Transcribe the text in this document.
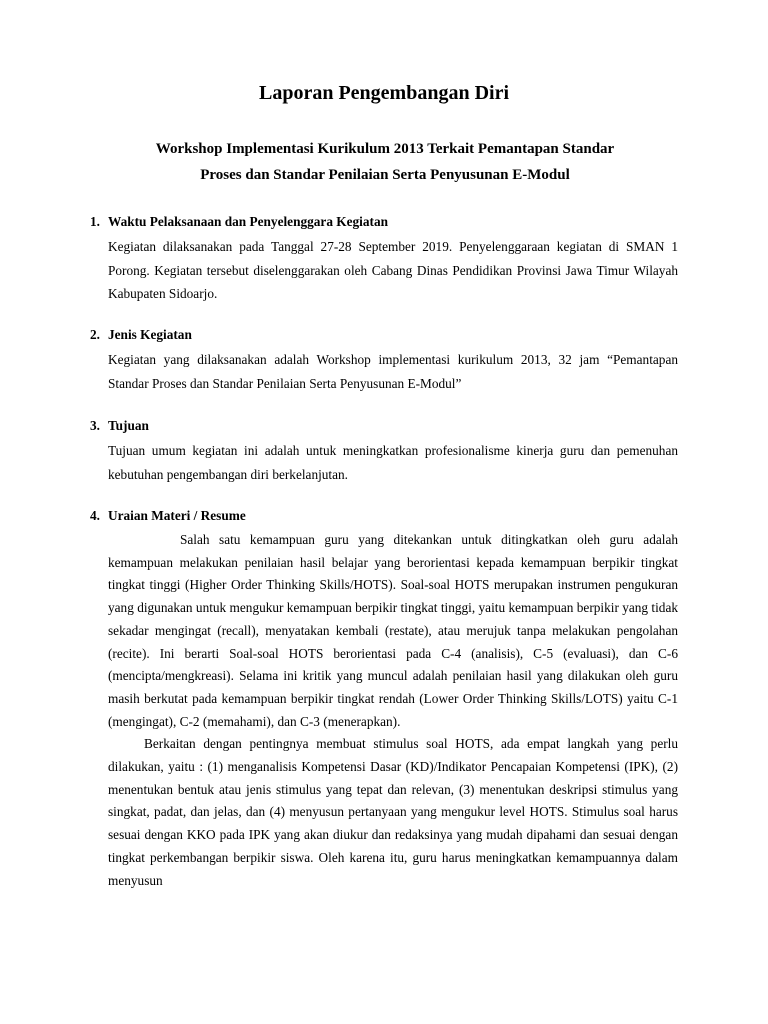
Laporan Pengembangan Diri
Workshop Implementasi Kurikulum 2013 Terkait Pemantapan Standar
Proses dan Standar Penilaian Serta Penyusunan E-Modul
1. Waktu Pelaksanaan dan Penyelenggara Kegiatan

Kegiatan dilaksanakan pada Tanggal 27-28 September 2019. Penyelenggaraan kegiatan di SMAN 1 Porong. Kegiatan tersebut diselenggarakan oleh Cabang Dinas Pendidikan Provinsi Jawa Timur Wilayah Kabupaten Sidoarjo.

2. Jenis Kegiatan

Kegiatan yang dilaksanakan adalah Workshop implementasi kurikulum 2013, 32 jam “Pemantapan Standar Proses dan Standar Penilaian Serta Penyusunan E-Modul”

3. Tujuan

Tujuan umum kegiatan ini adalah untuk meningkatkan profesionalisme kinerja guru dan pemenuhan kebutuhan pengembangan diri berkelanjutan.

4. Uraian Materi / Resume

Salah satu kemampuan guru yang ditekankan untuk ditingkatkan oleh guru adalah kemampuan melakukan penilaian hasil belajar yang berorientasi kepada kemampuan berpikir tingkat tingkat tinggi (Higher Order Thinking Skills/HOTS). Soal-soal HOTS merupakan instrumen pengukuran yang digunakan untuk mengukur kemampuan berpikir tingkat tinggi, yaitu kemampuan berpikir yang tidak sekadar mengingat (recall), menyatakan kembali (restate), atau merujuk tanpa melakukan pengolahan (recite). Ini berarti Soal-soal HOTS berorientasi pada C-4 (analisis), C-5 (evaluasi), dan C-6 (mencipta/mengkreasi). Selama ini kritik yang muncul adalah penilaian hasil yang dilakukan oleh guru masih berkutat pada kemampuan berpikir tingkat rendah (Lower Order Thinking Skills/LOTS) yaitu C-1 (mengingat), C-2 (memahami), dan C-3 (menerapkan).

Berkaitan dengan pentingnya membuat stimulus soal HOTS, ada empat langkah yang perlu dilakukan, yaitu : (1) menganalisis Kompetensi Dasar (KD)/Indikator Pencapaian Kompetensi (IPK), (2) menentukan bentuk atau jenis stimulus yang tepat dan relevan, (3) menentukan deskripsi stimulus yang singkat, padat, dan jelas, dan (4) menyusun pertanyaan yang mengukur level HOTS. Stimulus soal harus sesuai dengan KKO pada IPK yang akan diukur dan redaksinya yang mudah dipahami dan sesuai dengan tingkat perkembangan berpikir siswa. Oleh karena itu, guru harus meningkatkan kemampuannya dalam menyusun
